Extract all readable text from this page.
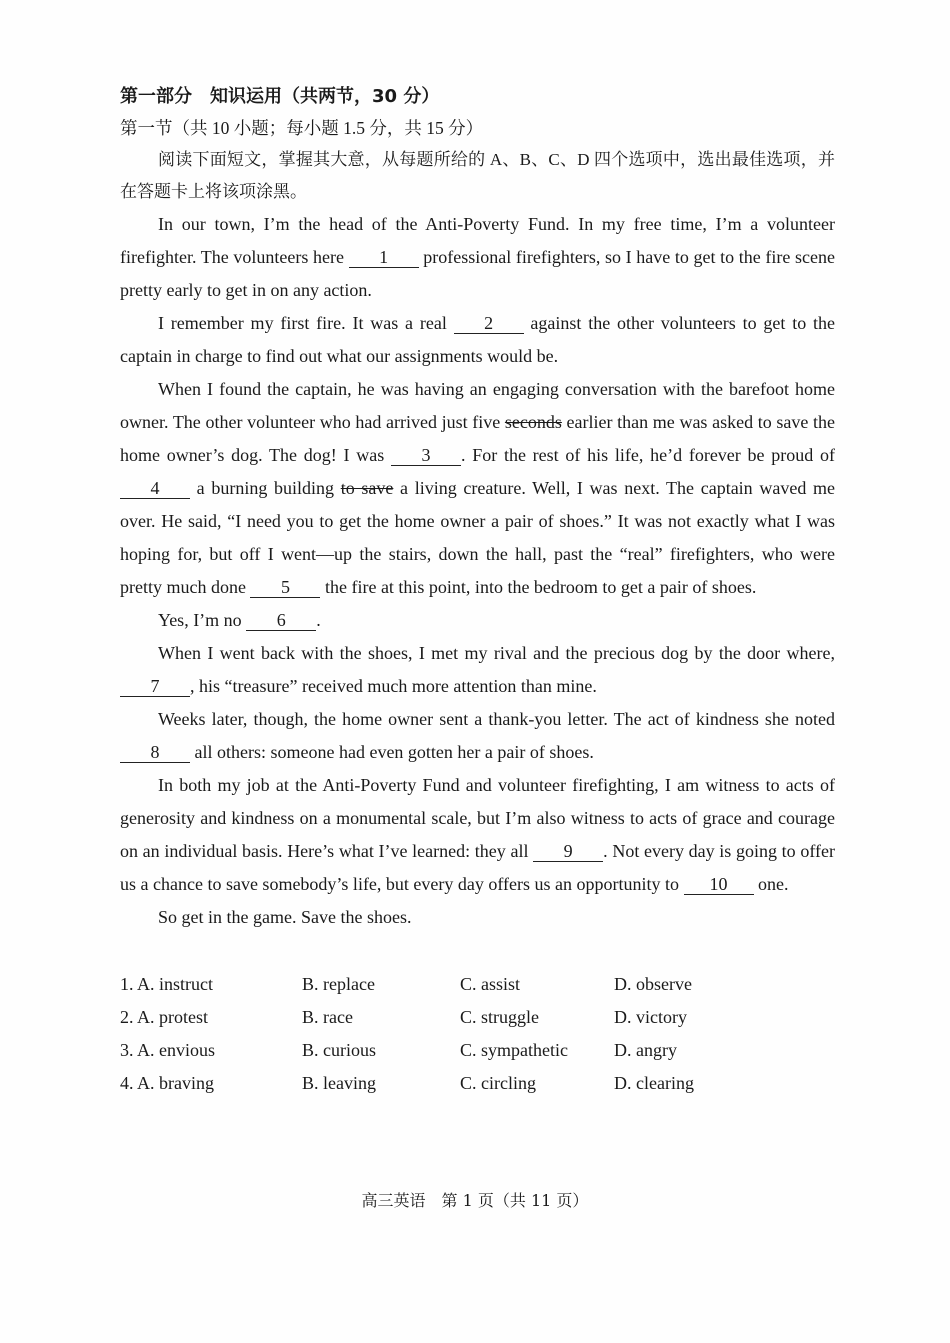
第一部分　知识运用（共两节，30 分）
第一节（共 10 小题；每小题 1.5 分，共 15 分）

阅读下面短文，掌握其大意，从每题所给的 A、B、C、D 四个选项中，选出最佳选项，并在答题卡上将该项涂黑。

In our town, I’m the head of the Anti-Poverty Fund. In my free time, I’m a volunteer firefighter. The volunteers here 1 professional firefighters, so I have to get to the fire scene pretty early to get in on any action.

I remember my first fire. It was a real 2 against the other volunteers to get to the captain in charge to find out what our assignments would be.

When I found the captain, he was having an engaging conversation with the barefoot home owner. The other volunteer who had arrived just five seconds earlier than me was asked to save the home owner’s dog. The dog! I was 3 . For the rest of his life, he’d forever be proud of 4 a burning building to save a living creature. Well, I was next. The captain waved me over. He said, “I need you to get the home owner a pair of shoes.” It was not exactly what I was hoping for, but off I went—up the stairs, down the hall, past the “real” firefighters, who were pretty much done 5 the fire at this point, into the bedroom to get a pair of shoes.

Yes, I’m no 6 .

When I went back with the shoes, I met my rival and the precious dog by the door where, 7 , his “treasure” received much more attention than mine.

Weeks later, though, the home owner sent a thank-you letter. The act of kindness she noted 8 all others: someone had even gotten her a pair of shoes.

In both my job at the Anti-Poverty Fund and volunteer firefighting, I am witness to acts of generosity and kindness on a monumental scale, but I’m also witness to acts of grace and courage on an individual basis. Here’s what I’ve learned: they all 9 . Not every day is going to offer us a chance to save somebody’s life, but every day offers us an opportunity to 10 one.

So get in the game. Save the shoes.

1. A. instruct	B. replace	C. assist	D. observe
2. A. protest	B. race	C. struggle	D. victory
3. A. envious	B. curious	C. sympathetic	D. angry
4. A. braving	B. leaving	C. circling	D. clearing
高三英语　第 1 页（共 11 页）
